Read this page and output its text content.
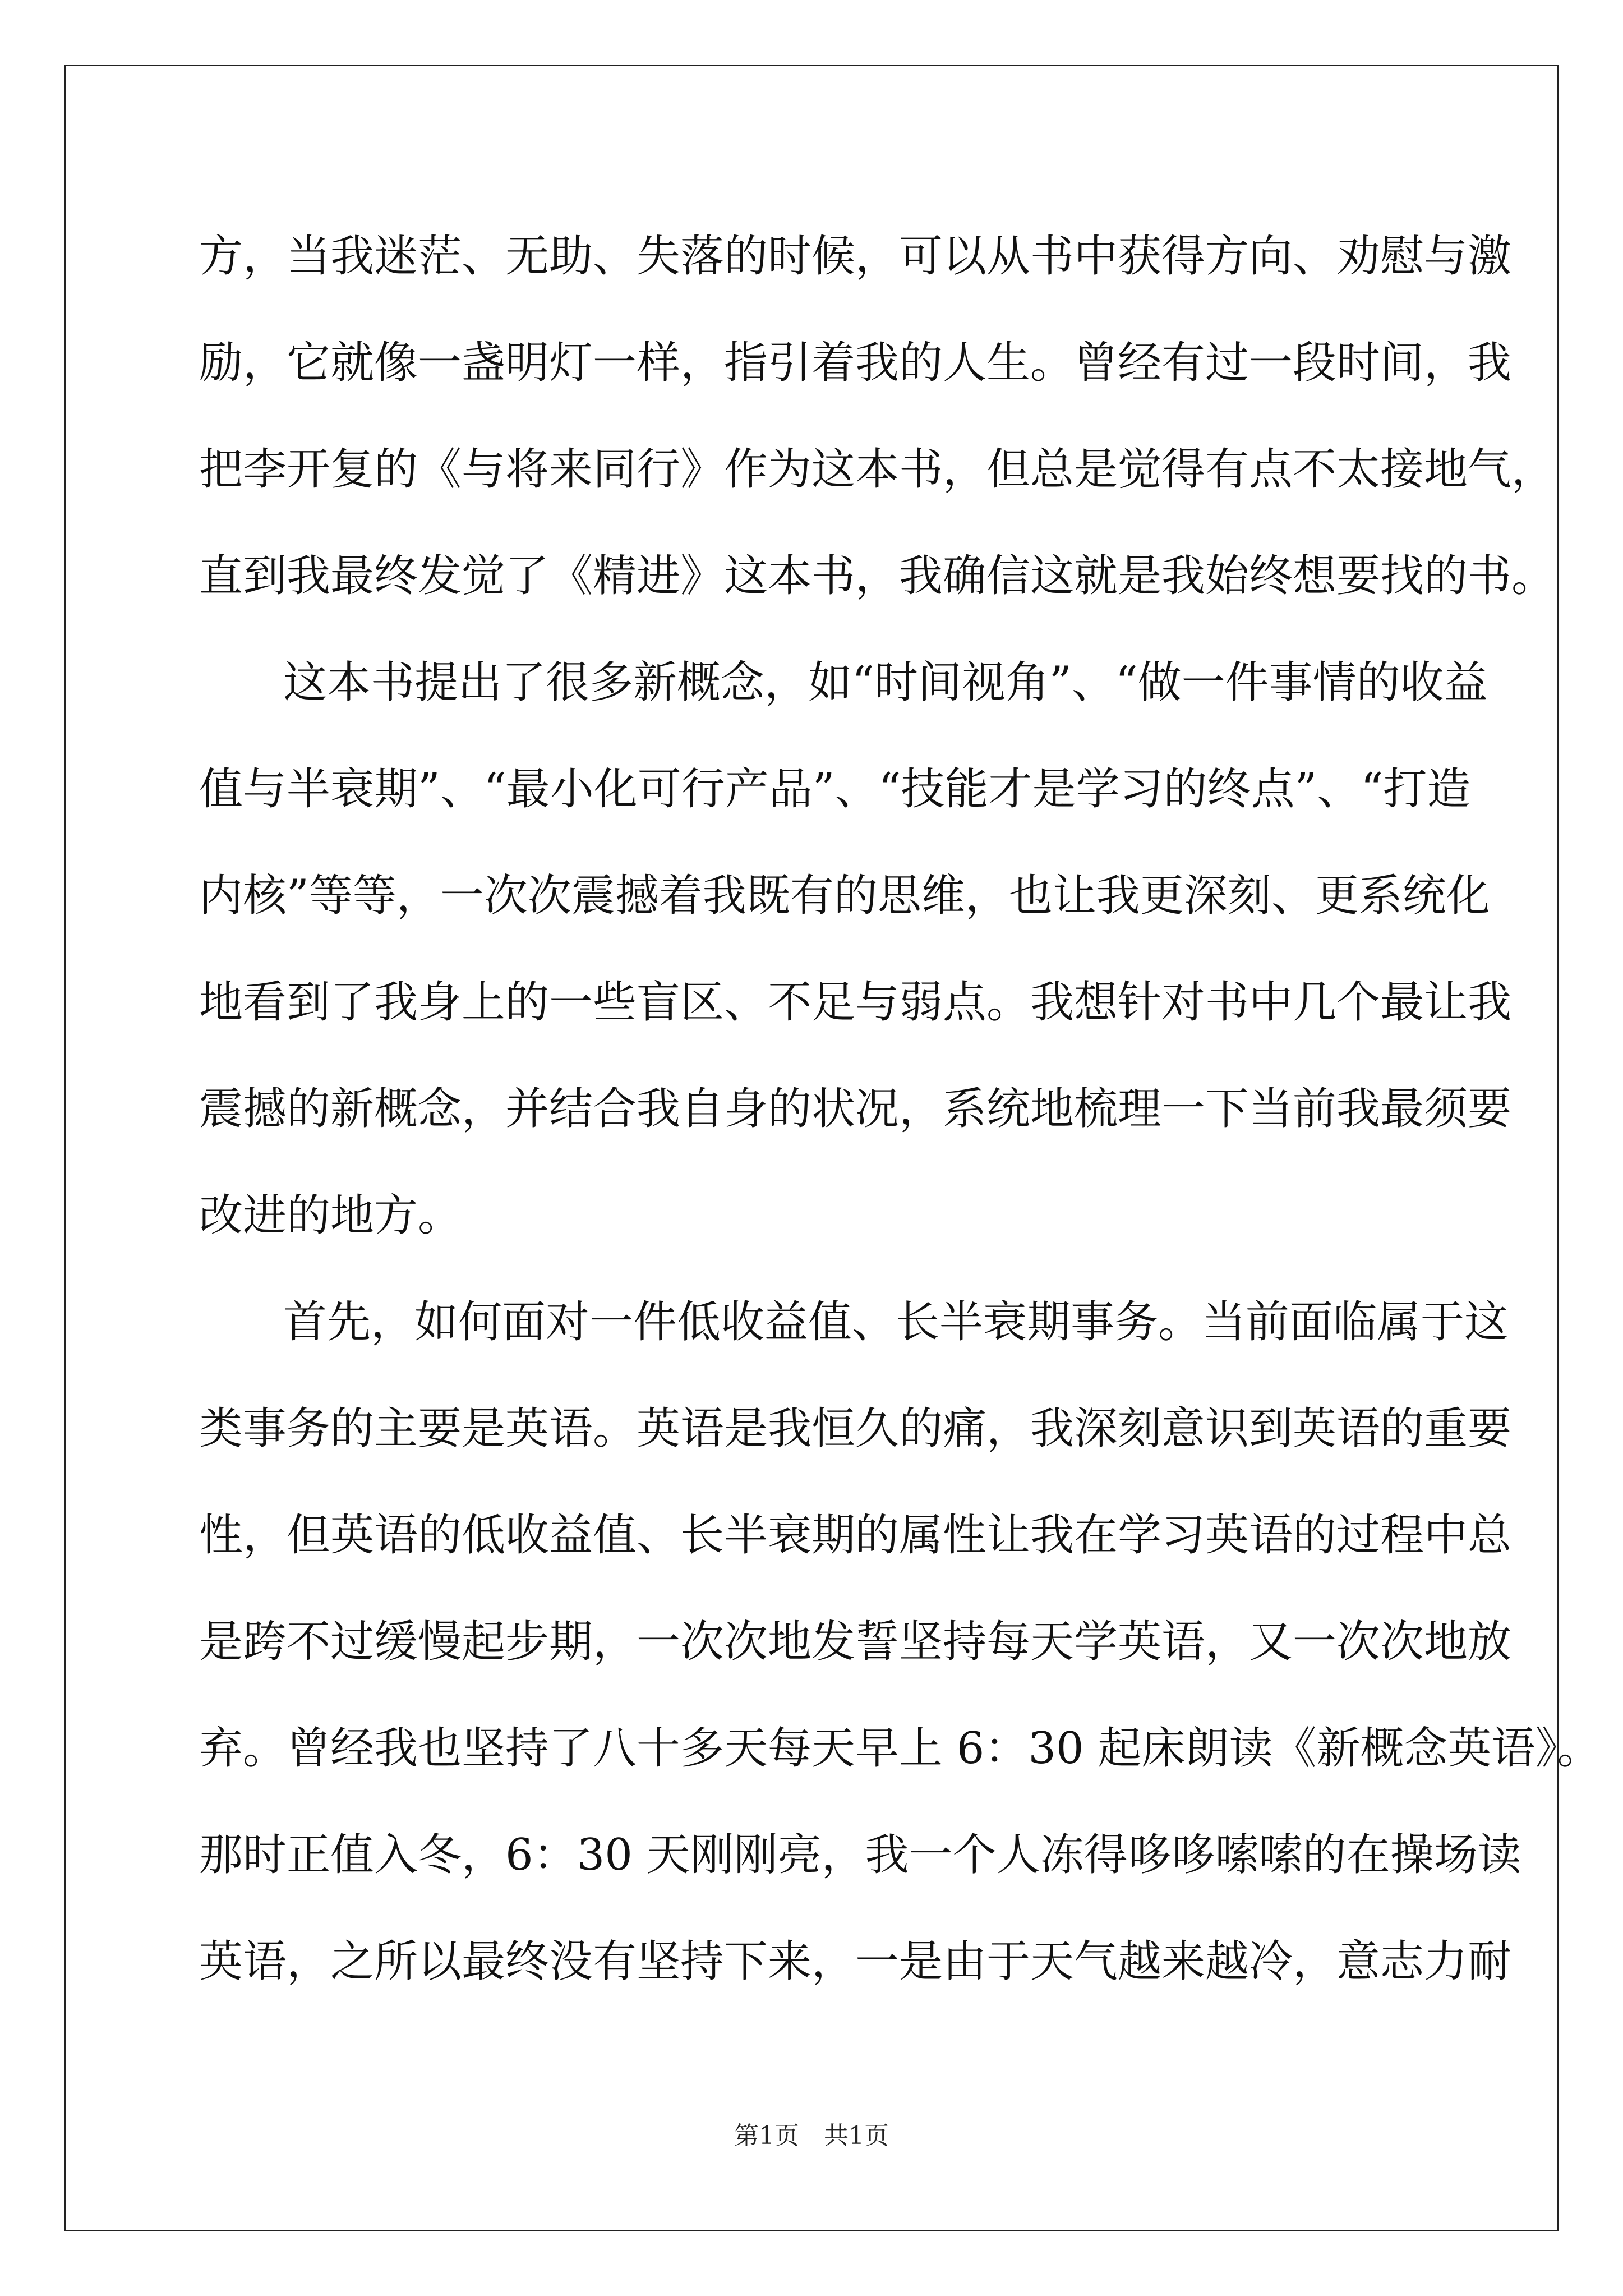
方，当我迷茫、无助、失落的时候，可以从书中获得方向、劝慰与激
励，它就像一盏明灯一样，指引着我的人生。曾经有过一段时间，我
把李开复的《与将来同行》作为这本书，但总是觉得有点不太接地气，
直到我最终发觉了《精进》这本书，我确信这就是我始终想要找的书。
这本书提出了很多新概念，如“时间视角”、“做一件事情的收益
值与半衰期”、“最小化可行产品”、“技能才是学习的终点”、“打造
内核”等等，一次次震撼着我既有的思维，也让我更深刻、更系统化
地看到了我身上的一些盲区、不足与弱点。我想针对书中几个最让我
震撼的新概念，并结合我自身的状况，系统地梳理一下当前我最须要
改进的地方。
首先，如何面对一件低收益值、长半衰期事务。当前面临属于这
类事务的主要是英语。英语是我恒久的痛，我深刻意识到英语的重要
性，但英语的低收益值、长半衰期的属性让我在学习英语的过程中总
是跨不过缓慢起步期，一次次地发誓坚持每天学英语，又一次次地放
弃。曾经我也坚持了八十多天每天早上 6：30 起床朗读《新概念英语》。
那时正值入冬，6：30 天刚刚亮，我一个人冻得哆哆嗦嗦的在操场读
英语，之所以最终没有坚持下来，一是由于天气越来越冷，意志力耐
第1页　共1页
